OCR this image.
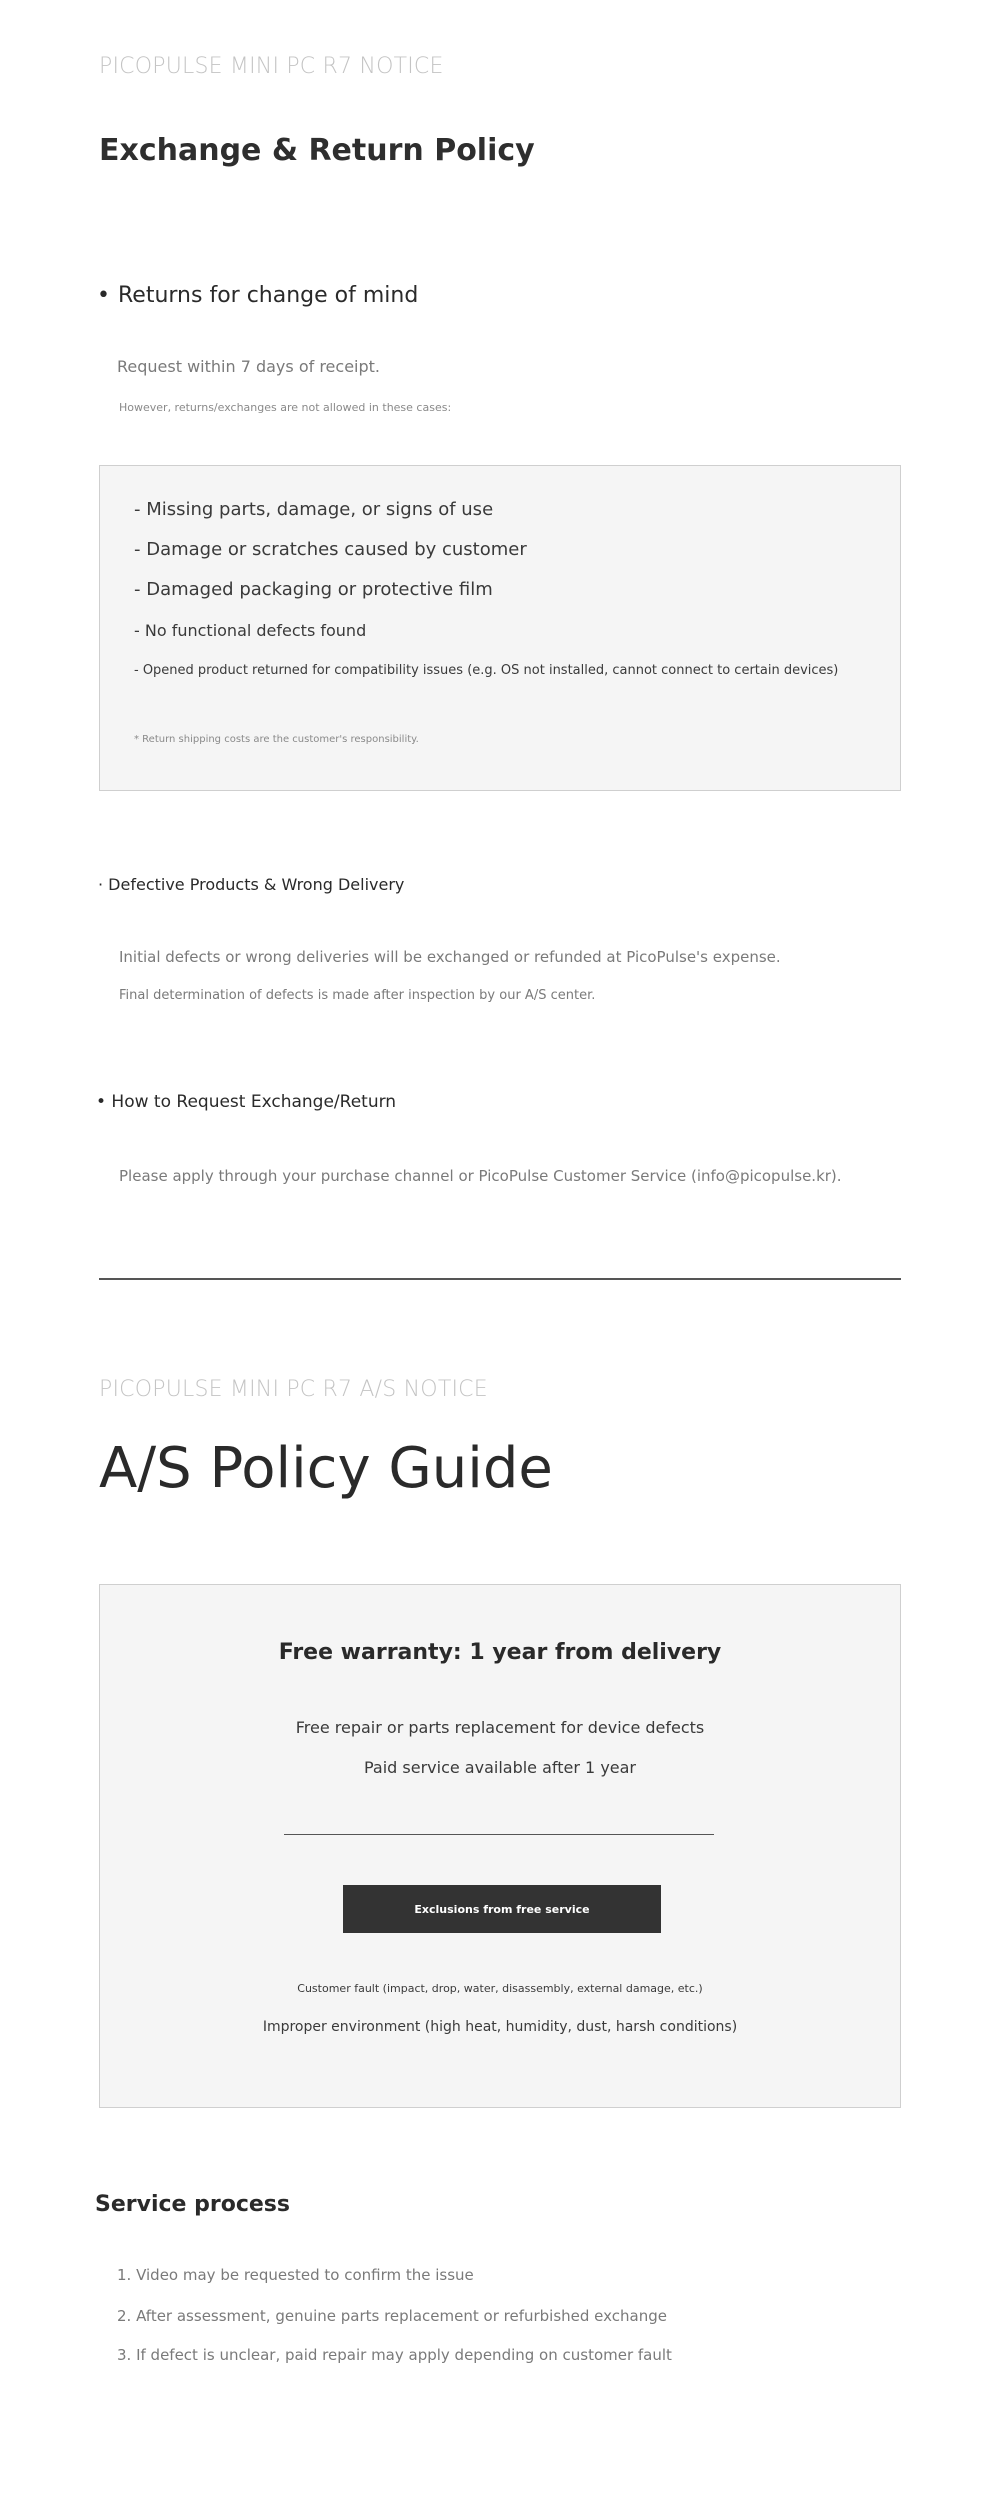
PICOPULSE MINI PC R7 NOTICE
Exchange & Return Policy
• Returns for change of mind
Request within 7 days of receipt.
However, returns/exchanges are not allowed in these cases:
- Missing parts, damage, or signs of use
- Damage or scratches caused by customer
- Damaged packaging or protective film
- No functional defects found
- Opened product returned for compatibility issues (e.g. OS not installed, cannot connect to certain devices)
* Return shipping costs are the customer's responsibility.
· Defective Products & Wrong Delivery
Initial defects or wrong deliveries will be exchanged or refunded at PicoPulse's expense.
Final determination of defects is made after inspection by our A/S center.
• How to Request Exchange/Return
Please apply through your purchase channel or PicoPulse Customer Service (info@picopulse.kr).
PICOPULSE MINI PC R7 A/S NOTICE
A/S Policy Guide
Free warranty: 1 year from delivery
Free repair or parts replacement for device defects
Paid service available after 1 year
Exclusions from free service
Customer fault (impact, drop, water, disassembly, external damage, etc.)
Improper environment (high heat, humidity, dust, harsh conditions)
Service process
1. Video may be requested to confirm the issue
2. After assessment, genuine parts replacement or refurbished exchange
3. If defect is unclear, paid repair may apply depending on customer fault
